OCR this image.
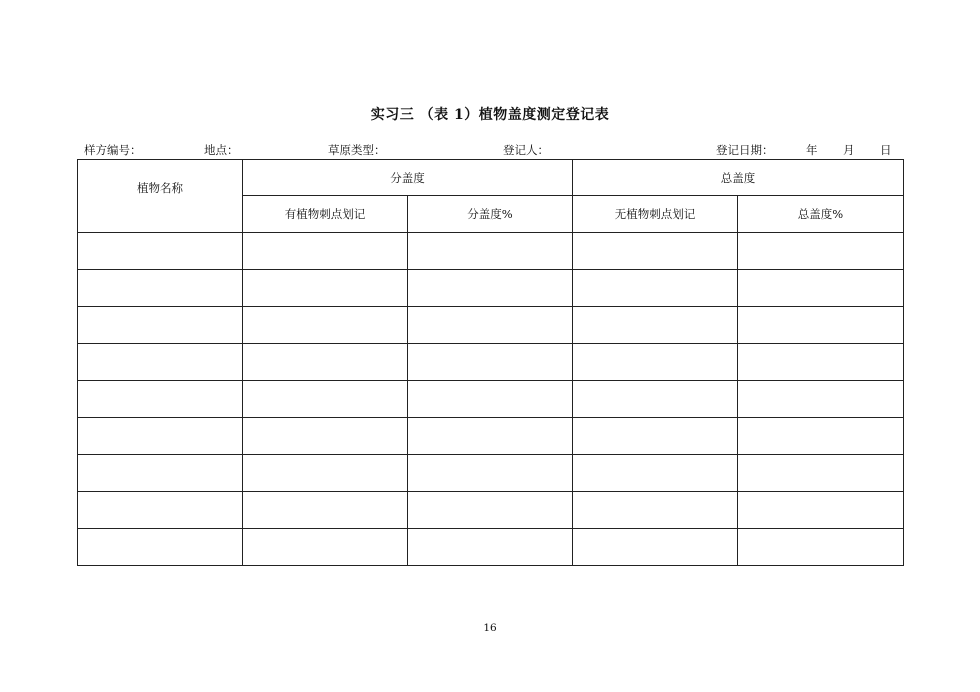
实习三 （表 1）植物盖度测定登记表
样方编号：	地点：	草原类型：	登记人：	登记日期：	年 月 日
植物名称	分盖度		总盖度	
	有植物刺点划记	分盖度%	无植物刺点划记	总盖度%

16
